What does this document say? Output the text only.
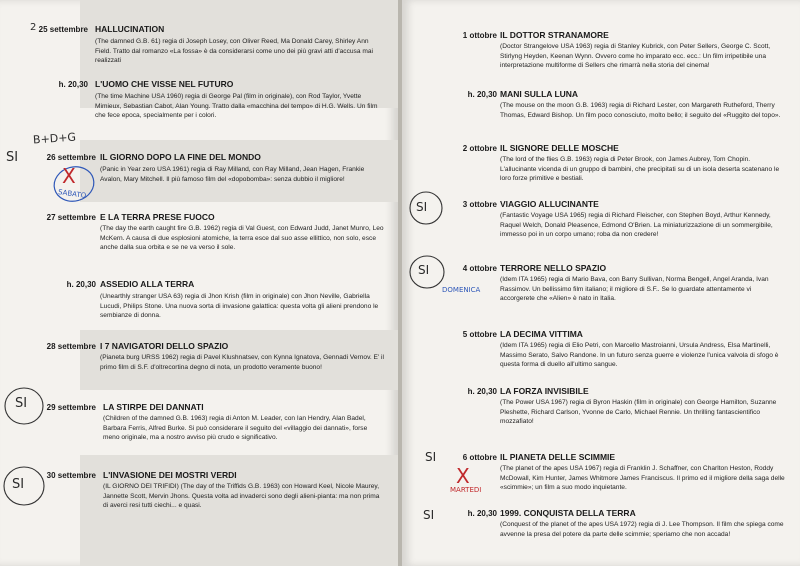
25 settembre HALLUCINATION
(The damned G.B. 61) regia di Joseph Losey, con Oliver Reed, Ma Donald Carey, Shirley Ann Field. Tratto dal romanzo «La fossa» è da considerarsi come uno dei più gravi atti d'accusa mai realizzati
h. 20,30 L'UOMO CHE VISSE NEL FUTURO
(The time Machine USA 1960) regia di George Pal (film in originale), con Rod Taylor, Yvette Mimieux, Sebastian Cabot, Alan Young. Tratto dalla «macchina del tempo» di H.G. Wells. Un film che fece epoca, specialmente per i colori.
26 settembre IL GIORNO DOPO LA FINE DEL MONDO
(Panic in Year zero USA 1961) regia di Ray Milland, con Ray Milland, Jean Hagen, Frankie Avalon, Mary Mitchell. Il più famoso film del «dopobomba»: senza dubbio il migliore!
27 settembre E LA TERRA PRESE FUOCO
(The day the earth caught fire G.B. 1962) regia di Val Guest, con Edward Judd, Janet Munro, Leo McKern. A causa di due esplosioni atomiche, la terra esce dal suo asse ellittico, non solo, esce anche dalla sua orbita e se ne va verso il sole.
h. 20,30 ASSEDIO ALLA TERRA
(Unearthly stranger USA 63) regia di Jhon Krish (film in originale) con Jhon Neville, Gabriella Lucudi, Philips Stone. Una nuova sorta di invasione galattica: questa volta gli alieni prendono le sembianze di donna.
28 settembre I 7 NAVIGATORI DELLO SPAZIO
(Pianeta burg URSS 1962) regia di Pavel Klushnatsev, con Kynna Ignatova, Gennadi Vernov. E' il primo film di S.F. d'oltrecortina degno di nota, un prodotto veramente buono!
29 settembre LA STIRPE DEI DANNATI
(Children of the damned G.B. 1963) regia di Anton M. Leader, con Ian Hendry, Alan Badel, Barbara Ferris, Alfred Burke. Si può considerare il seguito del «villaggio dei dannati», forse meno originale, ma a nostro avviso più crudo e significativo.
30 settembre L'INVASIONE DEI MOSTRI VERDI
(IL GIORNO DEI TRIFIDI) (The day of the Triffids G.B. 1963) con Howard Keel, Nicole Maurey, Jannette Scott, Mervin Jhons. Questa volta ad invaderci sono degli alieni-pianta: ma non prima di averci resi tutti ciechi... e quasi.
1 ottobre IL DOTTOR STRANAMORE
(Doctor Strangelove USA 1963) regia di Stanley Kubrick, con Peter Sellers, George C. Scott, Stirlyng Heyden, Keenan Wynn. Ovvero come ho imparato ecc. ecc.: Un film irripetibile una interpretazione multiforme di Sellers che rimarrà nella storia del cinema!
h. 20,30 MANI SULLA LUNA
(The mouse on the moon G.B. 1963) regia di Richard Lester, con Margareth Rutheford, Therry Thomas, Edward Bishop. Un film poco conosciuto, molto bello; il seguito del «Ruggito del topo».
2 ottobre IL SIGNORE DELLE MOSCHE
(The lord of the flies G.B. 1963) regia di Peter Brook, con James Aubrey, Tom Chopin. L'allucinante vicenda di un gruppo di bambini, che precipitati su di un isola deserta scatenano le loro forze primitive e bestiali.
3 ottobre VIAGGIO ALLUCINANTE
(Fantastic Voyage USA 1965) regia di Richard Fleischer, con Stephen Boyd, Arthur Kennedy, Raquel Welch, Donald Pleasence, Edmond O'Brien. La miniaturizzazione di un sommergibile, immesso poi in un corpo umano; roba da non credere!
4 ottobre TERRORE NELLO SPAZIO
(Idem ITA 1965) regia di Mario Bava, con Barry Sullivan, Norma Bengell, Angel Aranda, Ivan Rassimov. Un bellissimo film italiano; il migliore di S.F.. Se lo guardate attentamente vi accorgerete che «Alien» è nato in Italia.
5 ottobre LA DECIMA VITTIMA
(Idem ITA 1965) regia di Elio Petri, con Marcello Mastroianni, Ursula Andress, Elsa Martinelli, Massimo Serato, Salvo Randone. In un futuro senza guerre e violenze l'unica valvola di sfogo è questa forma di duello all'ultimo sangue.
h. 20,30 LA FORZA INVISIBILE
(The Power USA 1967) regia di Byron Haskin (film in originale) con George Hamilton, Suzanne Pleshette, Richard Carlson, Yvonne de Carlo, Michael Rennie. Un thrilling fantascientifico mozzafiato!
6 ottobre IL PIANETA DELLE SCIMMIE
(The planet of the apes USA 1967) regia di Franklin J. Schaffner, con Charlton Heston, Roddy McDowall, Kim Hunter, James Whitmore James Franciscus. Il primo ed il migliore della saga delle «scimmie»; un film a suo modo inquietante.
h. 20,30 1999. CONQUISTA DELLA TERRA
(Conquest of the planet of the apes USA 1972) regia di J. Lee Thompson. Il film che spiega come avvenne la presa del potere da parte delle scimmie; speriamo che non accada!
2
B+D+G
SI
X
SABATO
SI
SI
SI
SI
DOMENICA
SI
X
MARTEDI
SI
